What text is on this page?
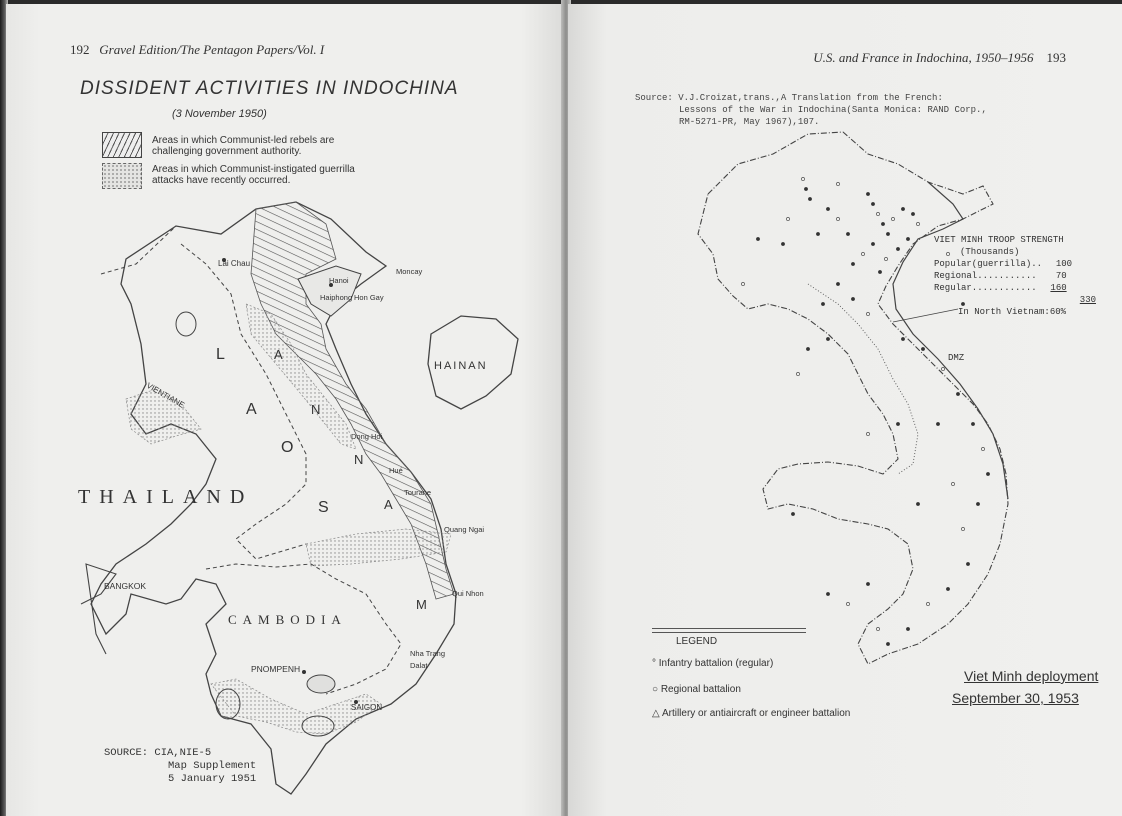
192 Gravel Edition/The Pentagon Papers/Vol. I
DISSIDENT ACTIVITIES IN INDOCHINA
(3 November 1950)
Areas in which Communist-led rebels are challenging government authority.
Areas in which Communist-instigated guerrilla attacks have recently occurred.
Lai Chau
Hanoi
Haiphong Hon Gay
Moncay
HAINAN
VIENTIANE
Dong Hoi
Hué
Tourane
Quang Ngai
Qui Nhon
Nha Trang
Dalat
BANGKOK
PNOMPENH
SAIGON
THAILAND
CAMBODIA
L
A
O
S
A
N
N
A
M
SOURCE: CIA,NIE-5
Map Supplement
5 January 1951
U.S. and France in Indochina, 1950–1956 193
Source: V.J.Croizat,trans.,A Translation from the French:
Lessons of the War in Indochina(Santa Monica: RAND Corp.,
RM-5271-PR, May 1967),107.
DMZ
VIET MINH TROOP STRENGTH
(Thousands)
Popular(guerrilla)..	100
Regional...........	70
Regular............	160
330
In North Vietnam:60%
LEGEND
° Infantry battalion (regular)
○ Regional battalion
△ Artillery or antiaircraft or engineer battalion
Viet Minh deployment
September 30, 1953
